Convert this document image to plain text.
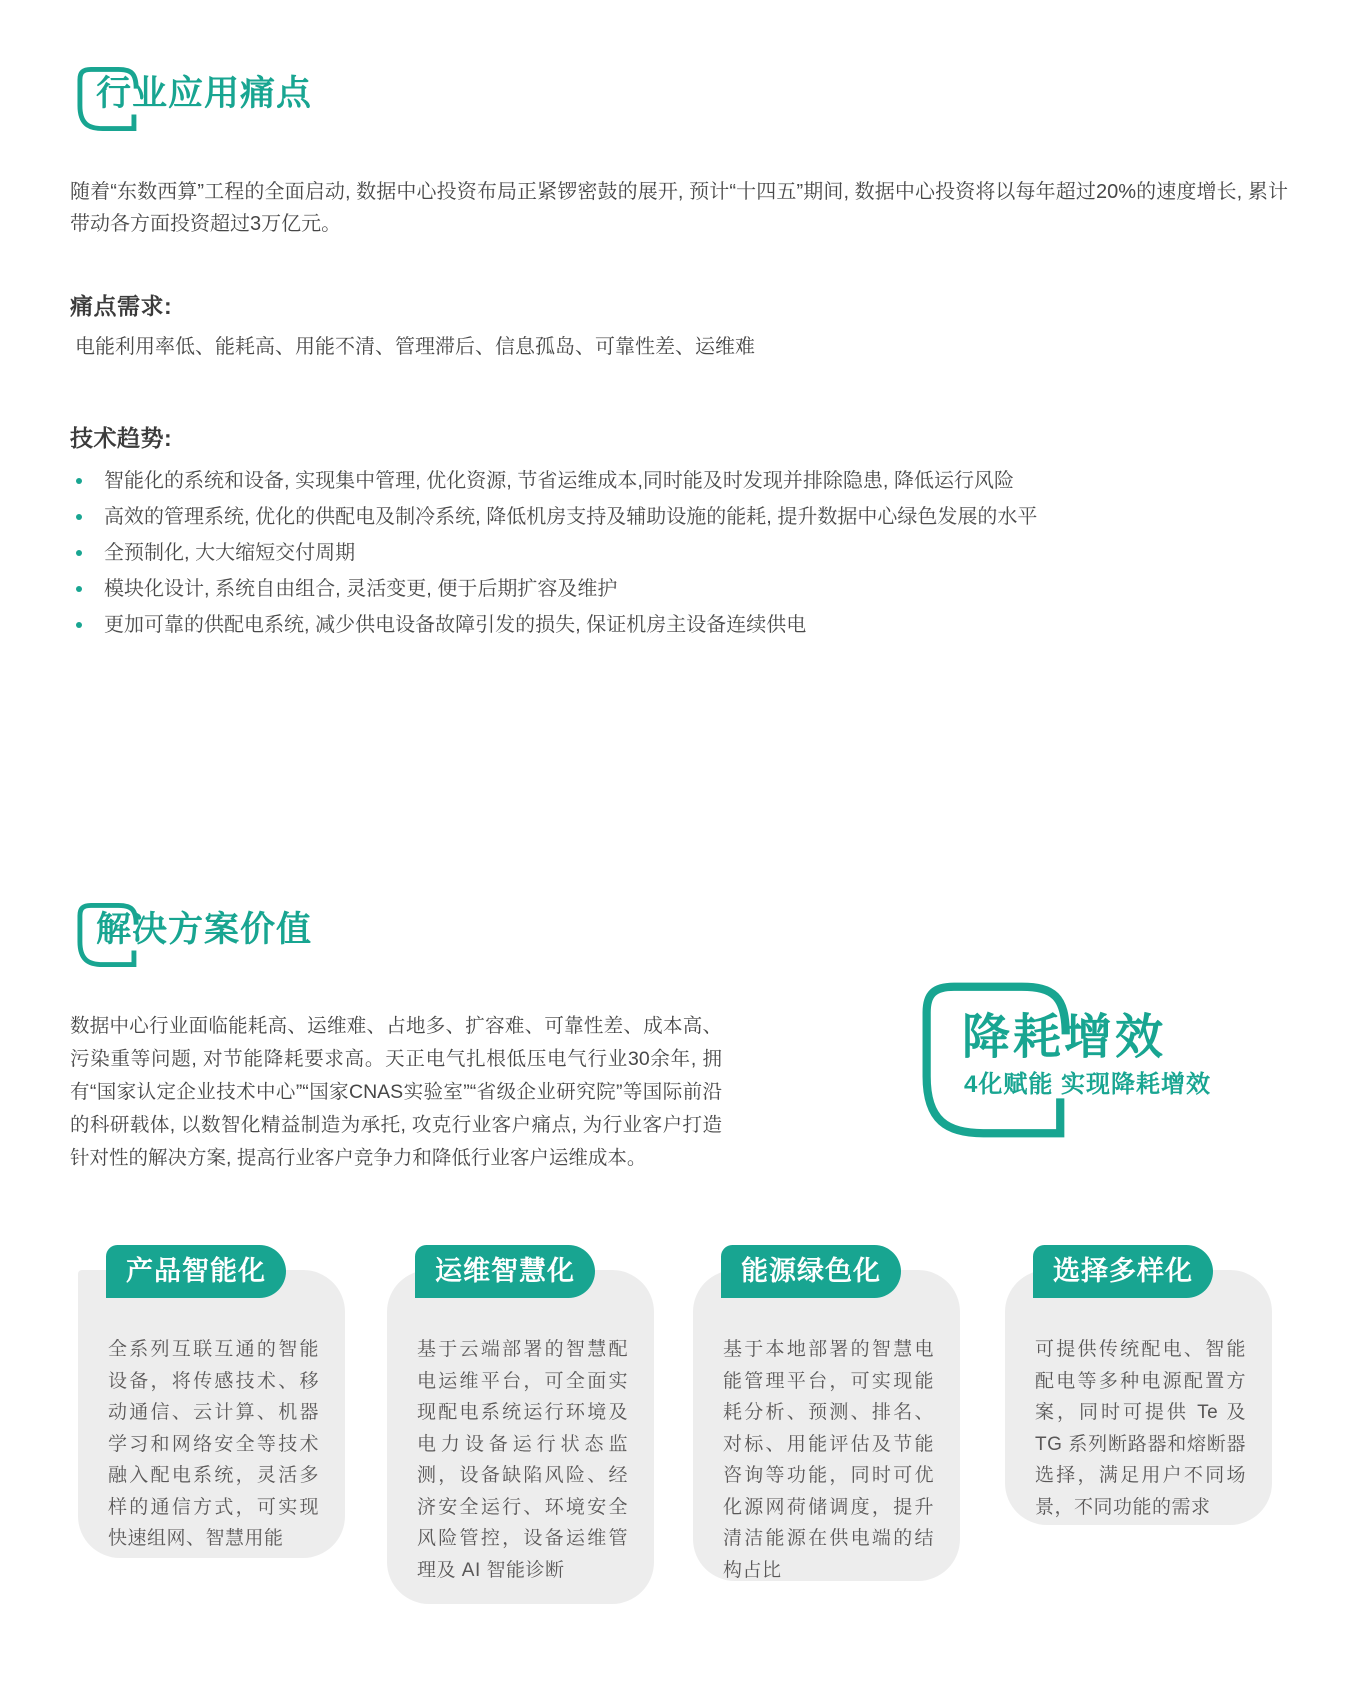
行业应用痛点

随着“东数西算”工程的全面启动, 数据中心投资布局正紧锣密鼓的展开, 预计“十四五”期间, 数据中心投资将以每年超过20%的速度增长, 累计带动各方面投资超过3万亿元。

痛点需求:

电能利用率低、能耗高、用能不清、管理滞后、信息孤岛、可靠性差、运维难

技术趋势:
智能化的系统和设备, 实现集中管理, 优化资源, 节省运维成本,同时能及时发现并排除隐患, 降低运行风险
高效的管理系统, 优化的供配电及制冷系统, 降低机房支持及辅助设施的能耗, 提升数据中心绿色发展的水平
全预制化, 大大缩短交付周期
模块化设计, 系统自由组合, 灵活变更, 便于后期扩容及维护
更加可靠的供配电系统, 减少供电设备故障引发的损失, 保证机房主设备连续供电
解决方案价值

数据中心行业面临能耗高、运维难、占地多、扩容难、可靠性差、成本高、污染重等问题, 对节能降耗要求高。天正电气扎根低压电气行业30余年, 拥有“国家认定企业技术中心”“国家CNAS实验室”“省级企业研究院”等国际前沿的科研载体, 以数智化精益制造为承托, 攻克行业客户痛点, 为行业客户打造针对性的解决方案, 提高行业客户竞争力和降低行业客户运维成本。

降耗增效

4化赋能 实现降耗增效

产品智能化

全系列互联互通的智能设备，将传感技术、移动通信、云计算、机器学习和网络安全等技术融入配电系统，灵活多样的通信方式，可实现快速组网、智慧用能

运维智慧化

基于云端部署的智慧配电运维平台，可全面实现配电系统运行环境及电力设备运行状态监测，设备缺陷风险、经济安全运行、环境安全风险管控，设备运维管理及 AI 智能诊断

能源绿色化

基于本地部署的智慧电能管理平台，可实现能耗分析、预测、排名、对标、用能评估及节能咨询等功能，同时可优化源网荷储调度，提升清洁能源在供电端的结构占比

选择多样化

可提供传统配电、智能配电等多种电源配置方案，同时可提供 Te 及 TG 系列断路器和熔断器选择，满足用户不同场景，不同功能的需求
